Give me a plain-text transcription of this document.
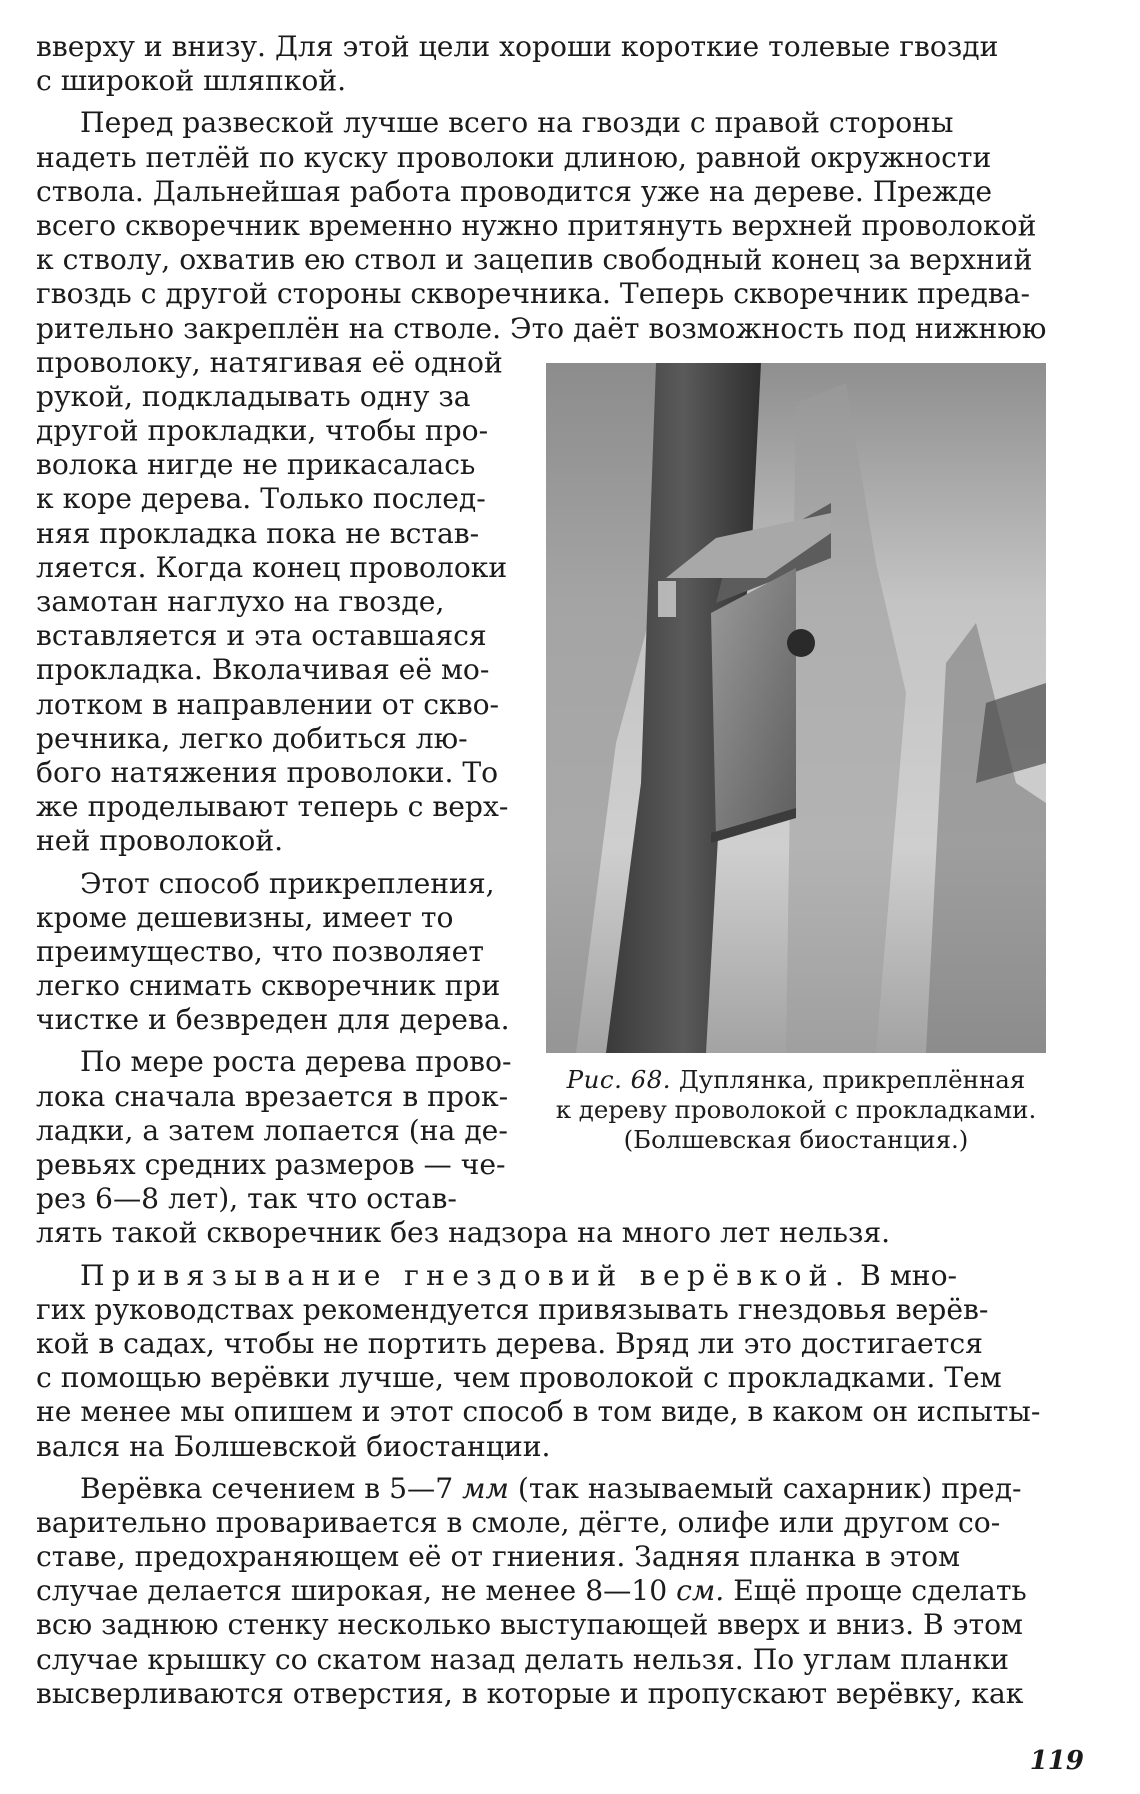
вверху и внизу. Для этой цели хороши короткие толевые гвозди
с широкой шляпкой.
Перед развеской лучше всего на гвозди с правой стороны
надеть петлёй по куску проволоки длиною, равной окружности
ствола. Дальнейшая работа проводится уже на дереве. Прежде
всего скворечник временно нужно притянуть верхней проволокой
к стволу, охватив ею ствол и зацепив свободный конец за верхний
гвоздь с другой стороны скворечника. Теперь скворечник предва-
рительно закреплён на стволе. Это даёт возможность под нижнюю
проволоку, натягивая её одной
рукой, подкладывать одну за
другой прокладки, чтобы про-
волока нигде не прикасалась
к коре дерева. Только послед-
няя прокладка пока не встав-
ляется. Когда конец проволоки
замотан наглухо на гвозде,
вставляется и эта оставшаяся
прокладка. Вколачивая её мо-
лотком в направлении от скво-
речника, легко добиться лю-
бого натяжения проволоки. То
же проделывают теперь с верх-
ней проволокой.
Этот способ прикрепления,
кроме дешевизны, имеет то
преимущество, что позволяет
легко снимать скворечник при
чистке и безвреден для дерева.
По мере роста дерева прово-
лока сначала врезается в прок-
ладки, а затем лопается (на де-
ревьях средних размеров — че-
рез 6—8 лет), так что остав-
лять такой скворечник без надзора на много лет нельзя.
Привязывание гнездовий верёвкой. В мно-
гих руководствах рекомендуется привязывать гнездовья верёв-
кой в садах, чтобы не портить дерева. Вряд ли это достигается
с помощью верёвки лучше, чем проволокой с прокладками. Тем
не менее мы опишем и этот способ в том виде, в каком он испыты-
вался на Болшевской биостанции.
Верёвка сечением в 5—7 мм (так называемый сахарник) пред-
варительно проваривается в смоле, дёгте, олифе или другом со-
ставе, предохраняющем её от гниения. Задняя планка в этом
случае делается широкая, не менее 8—10 см. Ещё проще сделать
всю заднюю стенку несколько выступающей вверх и вниз. В этом
случае крышку со скатом назад делать нельзя. По углам планки
высверливаются отверстия, в которые и пропускают верёвку, как
Рис. 68. Дуплянка, прикреплённая
к дереву проволокой с прокладками.
(Болшевская биостанция.)
119
